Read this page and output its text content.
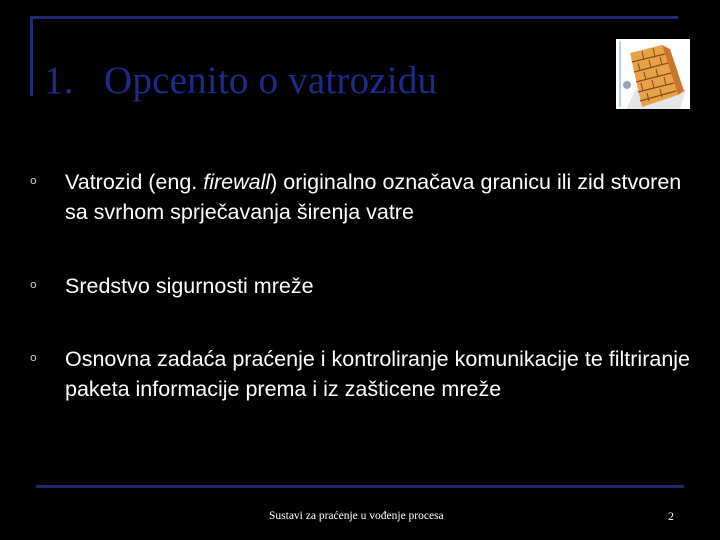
1. Opcenito o vatrozidu
o Vatrozid (eng. firewall) originalno označava granicu ili zid stvoren sa svrhom sprječavanja širenja vatre
o Sredstvo sigurnosti mreže
o Osnovna zadaća praćenje i kontroliranje komunikacije te filtriranje paketa informacije prema i iz zašticene mreže
Sustavi za praćenje u vođenje procesa	2
